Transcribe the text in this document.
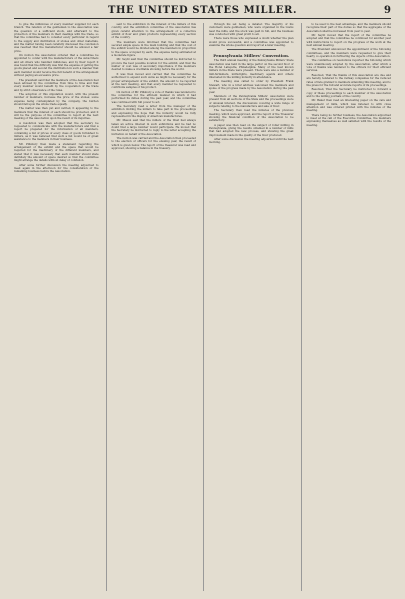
THE UNITED STATES MILLER.	9

to give the millstones of every member supplied for each branch. The relation of the gentleman to the Association was the question of a sufficient stock, and afterward to the protection of the members in their dealings with the trade, so that the committee had to consider every particular in regard to the supply and distribution of stones and other materials, and the matter having been carefully discussed the conclusion was reached that the manufacturer should be allowed a fair price.

On motion the Association ordered that a committee be appointed to confer with the manufacturers of the subscribers and all others who handled millstones, and by their report it was found that the difficulty was first the expense of getting the goods placed and second the distribution in such a manner that each member would receive the full benefit of the arrangement without paying an excessive price.

The president said that the members of the Association had been advised by the committee from time to time and that every member would benefit by the cooperation of the trade and by strict observance of the rules.

The adoption of this stipulation would, with the present number of members, increase the price of the stones; some expense being contemplated by the company, the burden should fall upon the whole trade equally.

The matter was then put and carried, it appearing to the members that the interest of each should be protected, and it will be the purpose of the committee to report at the next meeting of the Association upon the result of its inquiries.

A resolution was then adopted that the secretary be requested to communicate with the manufacturers and that a report be prepared for the information of all members, containing a list of prices of every class of goods furnished to millers, as it was believed that such a list would be of great assistance to the members in their business.

Mr. Pillsbury then made a statement regarding the arrangement of the exhibit and the space that would be required for the machinery of the different members, and stated that it was necessary that each member should state definitely the amount of space desired so that the committee might arrange the details without delay or confusion.

After some further discussion the meeting adjourned to meet again in the afternoon for the consideration of the remaining business before the Association.

sent to the exhibition in the interest of the millers of this country, and the exhibition committee of the Association has given careful attention to the arrangement of a collective exhibit of flour and grain products representing every section of the country.

The members were informed that the committee had secured ample space in the main building and that the cost of the exhibit would be divided among the members in proportion to the space occupied by each, the expense being estimated at a moderate figure.

Mr. Seybt said that the committee should be instructed to procure the best possible location for the exhibit, and that the matter of cost was of secondary importance if the members desired to make a creditable showing before the world.

It was then moved and carried that the committee be authorized to expend such sums as might be necessary for the proper arrangement of the exhibit, the amount to be reported at the next meeting, and that every member be requested to contribute samples of his product.

On motion of Mr. Pillsbury a vote of thanks was tendered to the committee for the efficient manner in which it had performed its duties during the past year, and the committee was continued with full power to act.

The Secretary read a letter from the manager of the exhibition inviting the millers to take part in the proceedings and expressing the hope that the industry would be fully represented in the display of American manufactures.

Mr. Mason said that the millers of the West had always taken an active interest in such exhibitions and he had no doubt that a large number would participate. He moved that the Secretary be instructed to reply to the letter accepting the invitation on behalf of the Association.

The motion was carried and the Association then proceeded to the election of officers for the ensuing year, the result of which is given below. The report of the treasurer was read and approved, showing a balance in the treasury.

through his set being a debater. The majority of his customers were gentlemen, who were organized in the towns near the mills, and the stock was paid in full, and the business was conducted with great profit to all.

There were those who expressed a doubt whether the plan would prove successful, and a committee was appointed to examine the whole question and report at a later meeting.

Pennsylvania Millers' Convention.

The third annual meeting of the Pennsylvania Millers' State Association was held in the large parlor on the second floor of the Hotel Lafayette, Philadelphia. Many of the best known millers in the State were present. There were also a number of mill-furnishers, millwrights, machinery agents and others interested in the milling industry in attendance.

The meeting was called to order by President Frank Stewart, who in a brief address welcomed the members and spoke of the progress made by the Association during the past year.

Members of the Pennsylvania Millers' Association were present from all sections of the State and the proceedings were of unusual interest, the discussions covering a wide range of subjects relating to the manufacture and sale of flour.

The Secretary then read the minutes of the previous meeting, which were approved, and the report of the Treasurer showing the financial condition of the Association to be satisfactory.

A paper was then read on the subject of roller milling in Pennsylvania, giving the results obtained in a number of mills that had adopted the new process, and showing the great improvement made in the quality of the flour produced.

After some discussion the meeting adjourned until the next morning.

to be used to the best advantage, and the members should recognize their part of the duties so that the aggregate of the Association shall be increased from year to year.

Mr. Seybt moved that the report of the committee be adopted and that the committee be continued for another year with instructions to report on the progress of the work at the next annual meeting.

The President announced the appointment of the following committees, and the members were requested to give their hearty co-operation in furthering the objects of the Association.

The committee on resolutions reported the following which were unanimously adopted by the Association, after which a vote of thanks was tendered to the officers for their efficient services.

Resolved, That the thanks of this Association are due and are hereby tendered to the railway companies for the reduced rates of fare granted to members attending this meeting, and to the press for the full and accurate reports of its proceedings.

Resolved, That the Secretary be instructed to forward a copy of these proceedings to each member of the Association and to the milling journals of the country.

Mr. Baker then read an interesting paper on the care and management of mills, which was listened to with close attention and was ordered printed with the minutes of the meeting.

There being no further business, the Association adjourned to meet at the call of the Executive Committee, the members expressing themselves as well satisfied with the results of the meeting.
